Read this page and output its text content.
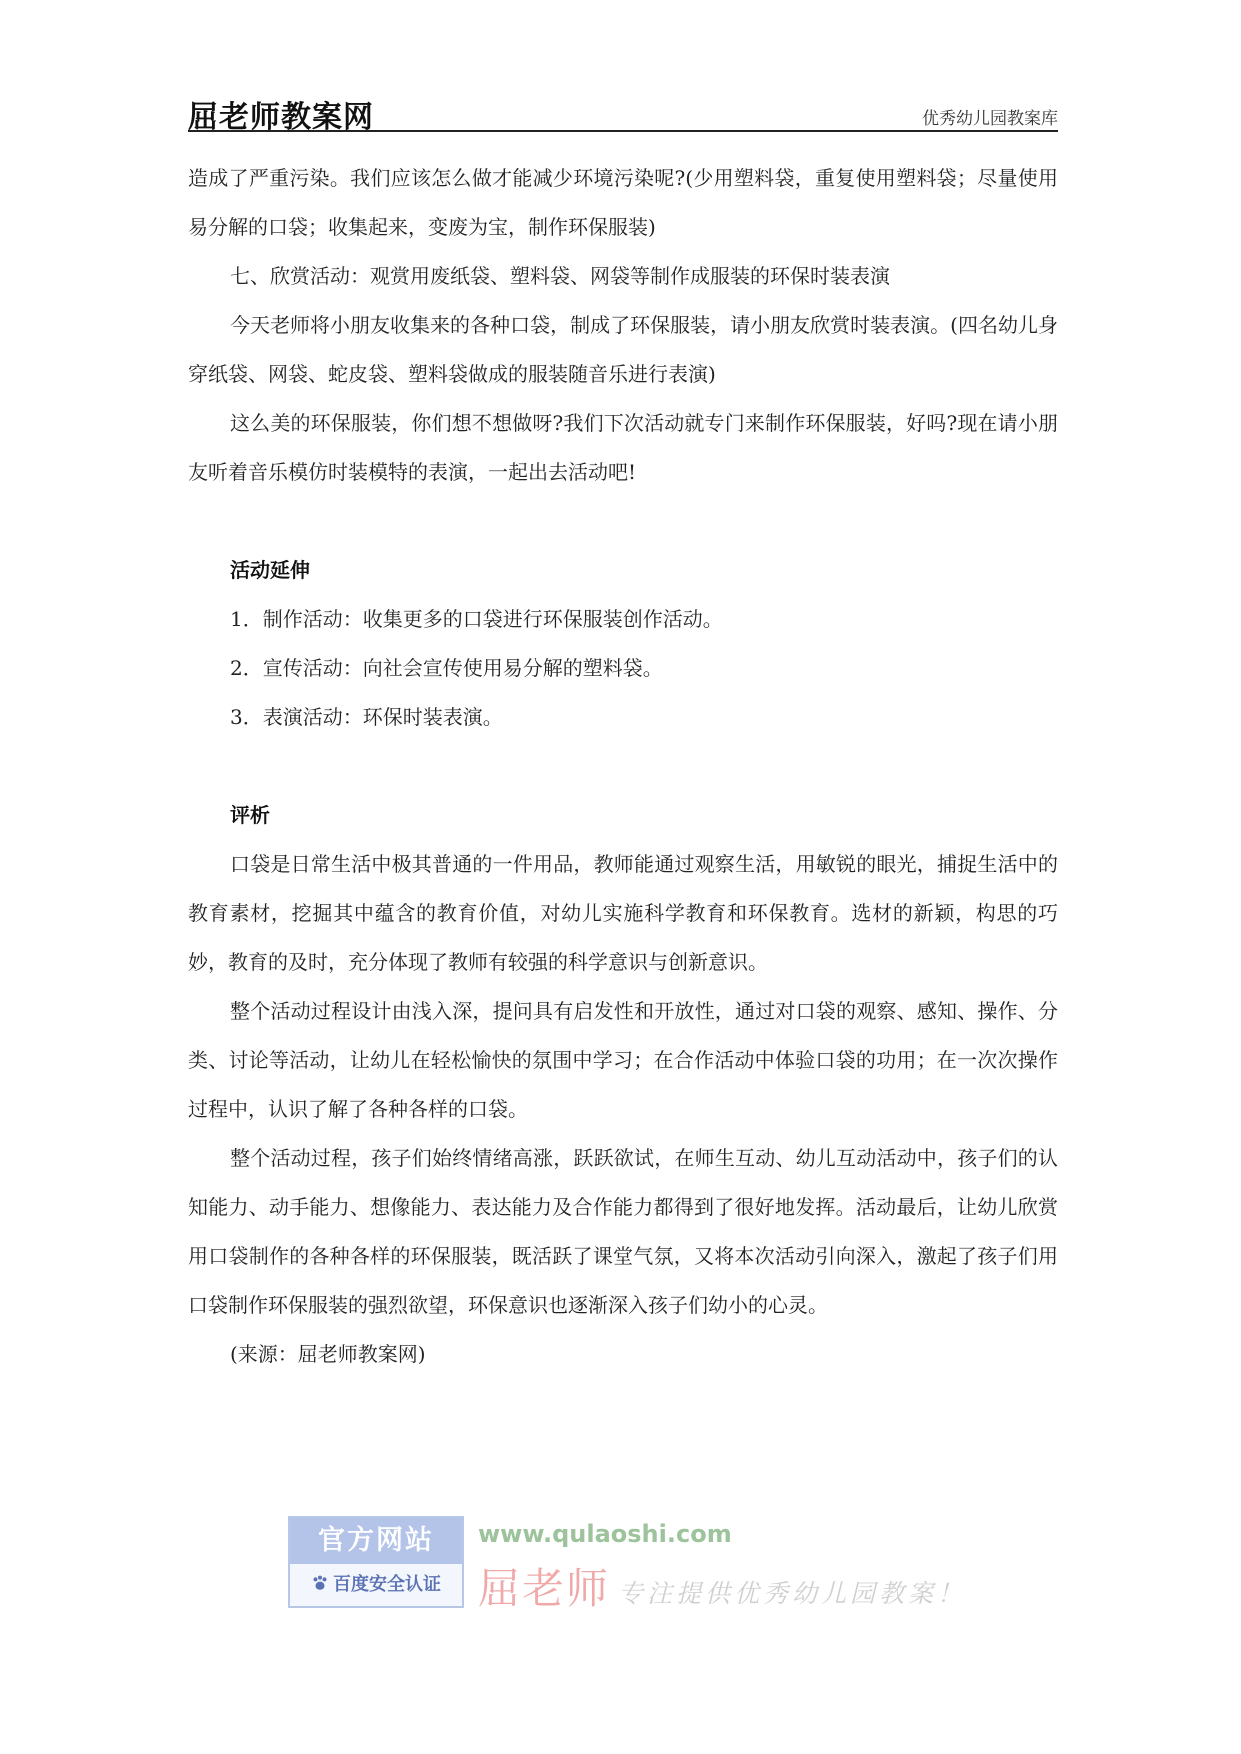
屈老师教案网	优秀幼儿园教案库

造成了严重污染。我们应该怎么做才能减少环境污染呢?(少用塑料袋，重复使用塑料袋；尽量使用易分解的口袋；收集起来，变废为宝，制作环保服装)

七、欣赏活动：观赏用废纸袋、塑料袋、网袋等制作成服装的环保时装表演

今天老师将小朋友收集来的各种口袋，制成了环保服装，请小朋友欣赏时装表演。(四名幼儿身穿纸袋、网袋、蛇皮袋、塑料袋做成的服装随音乐进行表演)

这么美的环保服装，你们想不想做呀?我们下次活动就专门来制作环保服装，好吗?现在请小朋友听着音乐模仿时装模特的表演，一起出去活动吧!

活动延伸

1．制作活动：收集更多的口袋进行环保服装创作活动。

2．宣传活动：向社会宣传使用易分解的塑料袋。

3．表演活动：环保时装表演。

评析

口袋是日常生活中极其普通的一件用品，教师能通过观察生活，用敏锐的眼光，捕捉生活中的教育素材，挖掘其中蕴含的教育价值，对幼儿实施科学教育和环保教育。选材的新颖，构思的巧妙，教育的及时，充分体现了教师有较强的科学意识与创新意识。

整个活动过程设计由浅入深，提问具有启发性和开放性，通过对口袋的观察、感知、操作、分类、讨论等活动，让幼儿在轻松愉快的氛围中学习；在合作活动中体验口袋的功用；在一次次操作过程中，认识了解了各种各样的口袋。

整个活动过程，孩子们始终情绪高涨，跃跃欲试，在师生互动、幼儿互动活动中，孩子们的认知能力、动手能力、想像能力、表达能力及合作能力都得到了很好地发挥。活动最后，让幼儿欣赏用口袋制作的各种各样的环保服装，既活跃了课堂气氛，又将本次活动引向深入，激起了孩子们用口袋制作环保服装的强烈欲望，环保意识也逐渐深入孩子们幼小的心灵。

(来源：屈老师教案网)

官方网站
百度安全认证
www.qulaoshi.com
屈老师 专注提供优秀幼儿园教案！
